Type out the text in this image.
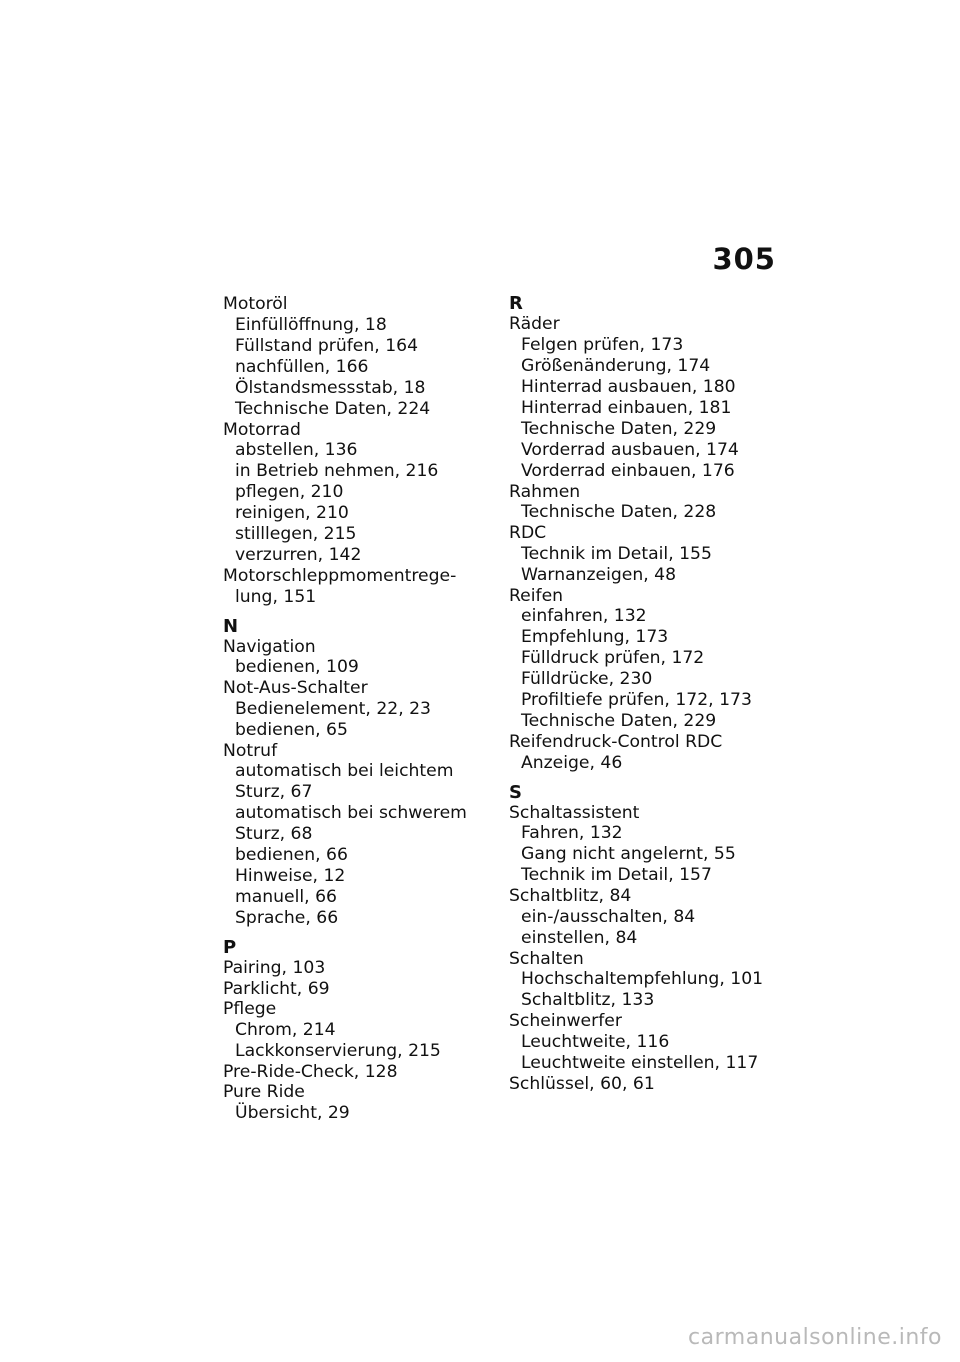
305
Motoröl
Einfüllöffnung, 18
Füllstand prüfen, 164
nachfüllen, 166
Ölstandsmessstab, 18
Technische Daten, 224
Motorrad
abstellen, 136
in Betrieb nehmen, 216
pflegen, 210
reinigen, 210
stilllegen, 215
verzurren, 142
Motorschleppmomentrege-
lung, 151
N
Navigation
bedienen, 109
Not-Aus-Schalter
Bedienelement, 22, 23
bedienen, 65
Notruf
automatisch bei leichtem
Sturz, 67
automatisch bei schwerem
Sturz, 68
bedienen, 66
Hinweise, 12
manuell, 66
Sprache, 66
P
Pairing, 103
Parklicht, 69
Pflege
Chrom, 214
Lackkonservierung, 215
Pre-Ride-Check, 128
Pure Ride
Übersicht, 29
R
Räder
Felgen prüfen, 173
Größenänderung, 174
Hinterrad ausbauen, 180
Hinterrad einbauen, 181
Technische Daten, 229
Vorderrad ausbauen, 174
Vorderrad einbauen, 176
Rahmen
Technische Daten, 228
RDC
Technik im Detail, 155
Warnanzeigen, 48
Reifen
einfahren, 132
Empfehlung, 173
Fülldruck prüfen, 172
Fülldrücke, 230
Profiltiefe prüfen, 172, 173
Technische Daten, 229
Reifendruck-Control RDC
Anzeige, 46
S
Schaltassistent
Fahren, 132
Gang nicht angelernt, 55
Technik im Detail, 157
Schaltblitz, 84
ein-/ausschalten, 84
einstellen, 84
Schalten
Hochschaltempfehlung, 101
Schaltblitz, 133
Scheinwerfer
Leuchtweite, 116
Leuchtweite einstellen, 117
Schlüssel, 60, 61
carmanualsonline.info
